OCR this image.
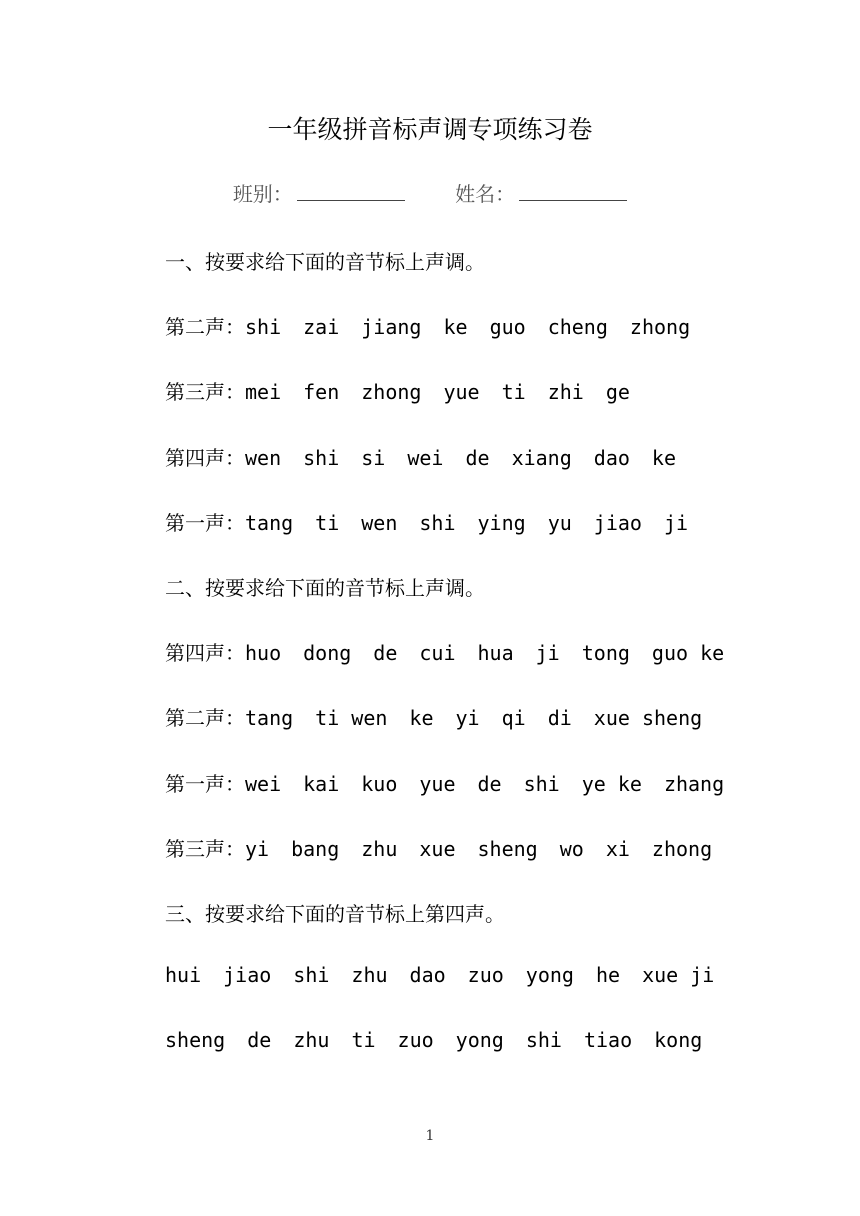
一年级拼音标声调专项练习卷
班别：	姓名：
一、按要求给下面的音节标上声调。
第二声：shi zai jiang ke guo cheng zhong
第三声：mei fen zhong yue ti zhi ge
第四声：wen shi si wei de xiang dao ke
第一声：tang ti wen shi ying yu jiao ji
二、按要求给下面的音节标上声调。
第四声：huo dong de cui hua ji tong guo ke
第二声：tang ti wen ke yi qi di xue sheng
第一声：wei kai kuo yue de shi ye ke zhang
第三声：yi bang zhu xue sheng wo xi zhong
三、按要求给下面的音节标上第四声。
hui jiao shi zhu dao zuo yong he xue ji
sheng de zhu ti zuo yong shi tiao kong
1
